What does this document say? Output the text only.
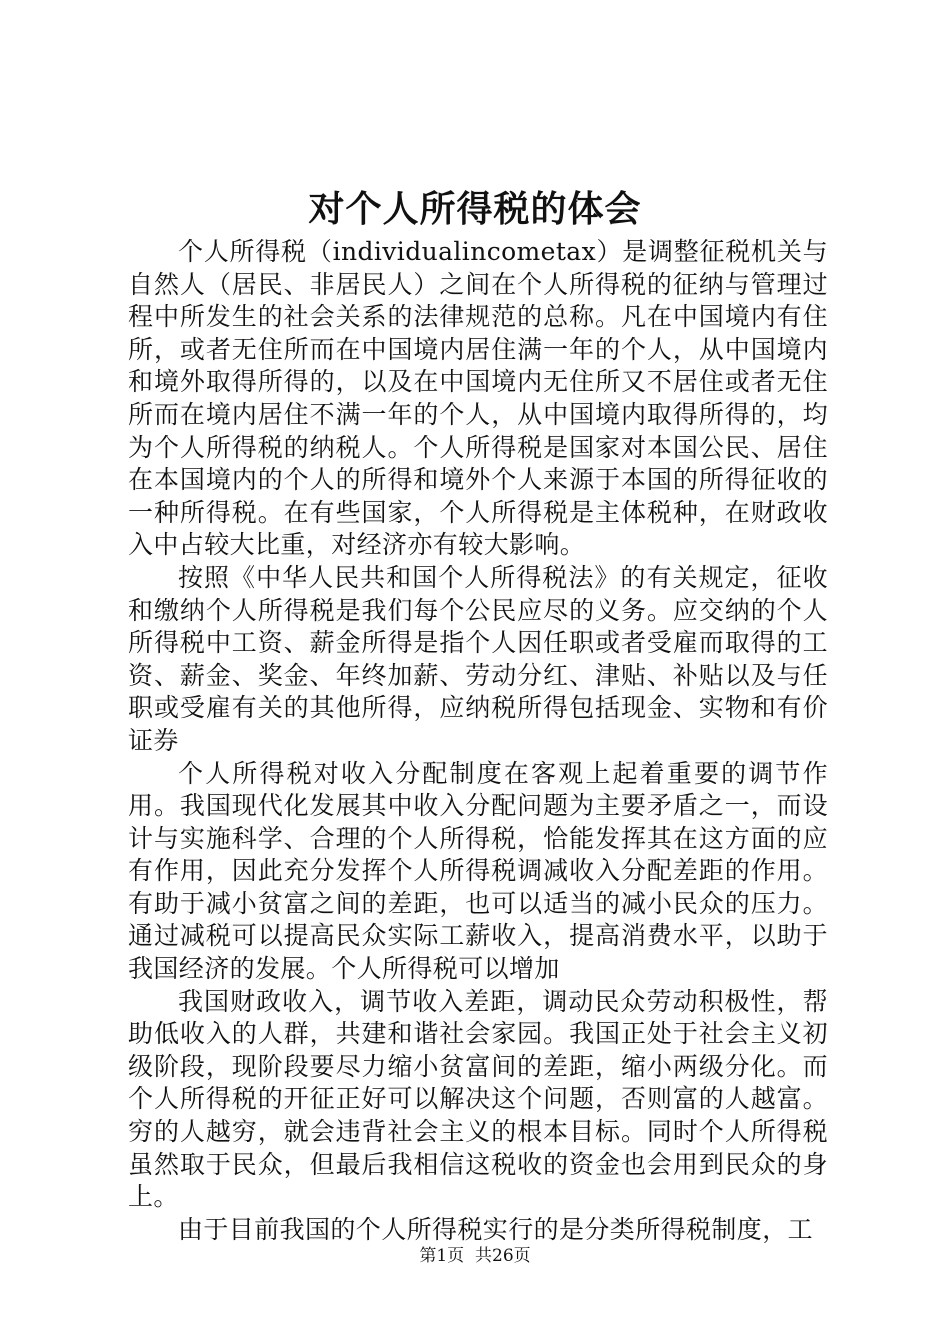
对个人所得税的体会

个人所得税（individualincometax）是调整征税机关与自然人（居民、非居民人）之间在个人所得税的征纳与管理过程中所发生的社会关系的法律规范的总称。凡在中国境内有住所，或者无住所而在中国境内居住满一年的个人，从中国境内和境外取得所得的，以及在中国境内无住所又不居住或者无住所而在境内居住不满一年的个人，从中国境内取得所得的，均为个人所得税的纳税人。个人所得税是国家对本国公民、居住在本国境内的个人的所得和境外个人来源于本国的所得征收的一种所得税。在有些国家，个人所得税是主体税种，在财政收入中占较大比重，对经济亦有较大影响。

按照《中华人民共和国个人所得税法》的有关规定，征收和缴纳个人所得税是我们每个公民应尽的义务。应交纳的个人所得税中工资、薪金所得是指个人因任职或者受雇而取得的工资、薪金、奖金、年终加薪、劳动分红、津贴、补贴以及与任职或受雇有关的其他所得，应纳税所得包括现金、实物和有价证券

个人所得税对收入分配制度在客观上起着重要的调节作用。我国现代化发展其中收入分配问题为主要矛盾之一，而设计与实施科学、合理的个人所得税，恰能发挥其在这方面的应有作用，因此充分发挥个人所得税调减收入分配差距的作用。有助于减小贫富之间的差距，也可以适当的减小民众的压力。通过减税可以提高民众实际工薪收入，提高消费水平，以助于我国经济的发展。个人所得税可以增加

我国财政收入，调节收入差距，调动民众劳动积极性，帮助低收入的人群，共建和谐社会家园。我国正处于社会主义初级阶段，现阶段要尽力缩小贫富间的差距，缩小两级分化。而个人所得税的开征正好可以解决这个问题，否则富的人越富。穷的人越穷，就会违背社会主义的根本目标。同时个人所得税虽然取于民众，但最后我相信这税收的资金也会用到民众的身上。

由于目前我国的个人所得税实行的是分类所得税制度，工

第1页 共26页
